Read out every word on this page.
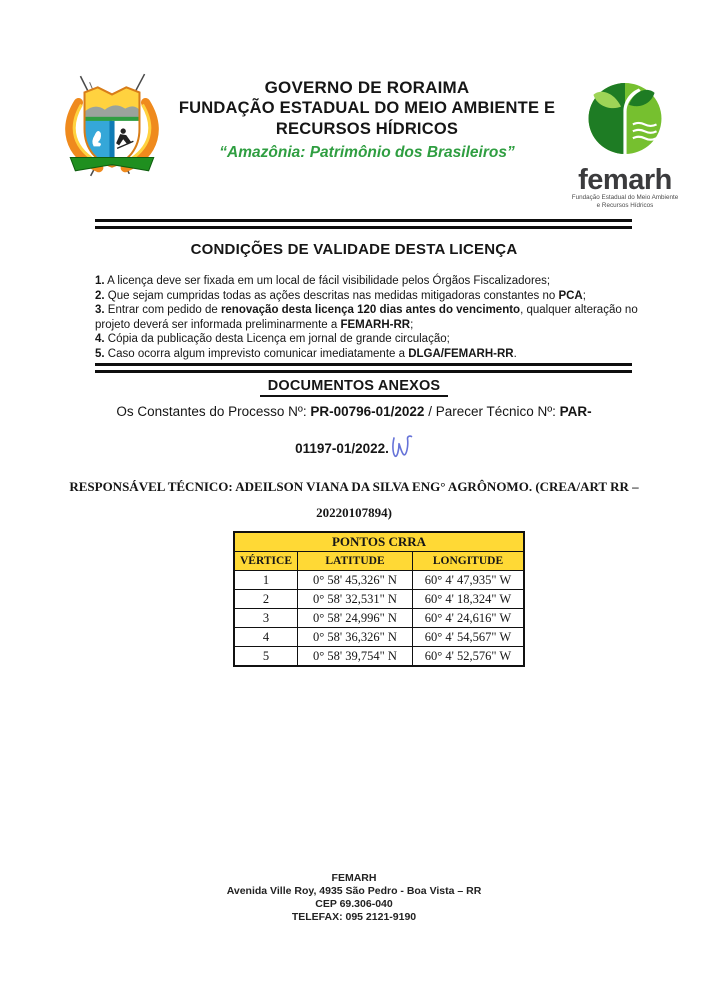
GOVERNO DE RORAIMA
FUNDAÇÃO ESTADUAL DO MEIO AMBIENTE E
RECURSOS HÍDRICOS
“Amazônia: Patrimônio dos Brasileiros”
femarh
Fundação Estadual do Meio Ambiente
e Recursos Hídricos
CONDIÇÕES DE VALIDADE DESTA LICENÇA
1. A licença deve ser fixada em um local de fácil visibilidade pelos Órgãos Fiscalizadores;
2. Que sejam cumpridas todas as ações descritas nas medidas mitigadoras constantes no PCA;
3. Entrar com pedido de renovação desta licença 120 dias antes do vencimento, qualquer alteração no projeto deverá ser informada preliminarmente a FEMARH-RR;
4. Cópia da publicação desta Licença em jornal de grande circulação;
5. Caso ocorra algum imprevisto comunicar imediatamente a DLGA/FEMARH-RR.
DOCUMENTOS ANEXOS
Os Constantes do Processo Nº: PR-00796-01/2022 / Parecer Técnico Nº: PAR-
01197-01/2022.
RESPONSÁVEL TÉCNICO: ADEILSON VIANA DA SILVA ENG° AGRÔNOMO. (CREA/ART RR –
20220107894)
PONTOS CRRA		
VÉRTICE	LATITUDE	LONGITUDE
1	0° 58' 45,326" N	60° 4' 47,935" W
2	0° 58' 32,531" N	60° 4' 18,324" W
3	0° 58' 24,996" N	60° 4' 24,616" W
4	0° 58' 36,326" N	60° 4' 54,567" W
5	0° 58' 39,754" N	60° 4' 52,576" W
FEMARH
Avenida Ville Roy, 4935 São Pedro - Boa Vista – RR
CEP 69.306-040
TELEFAX: 095 2121-9190
